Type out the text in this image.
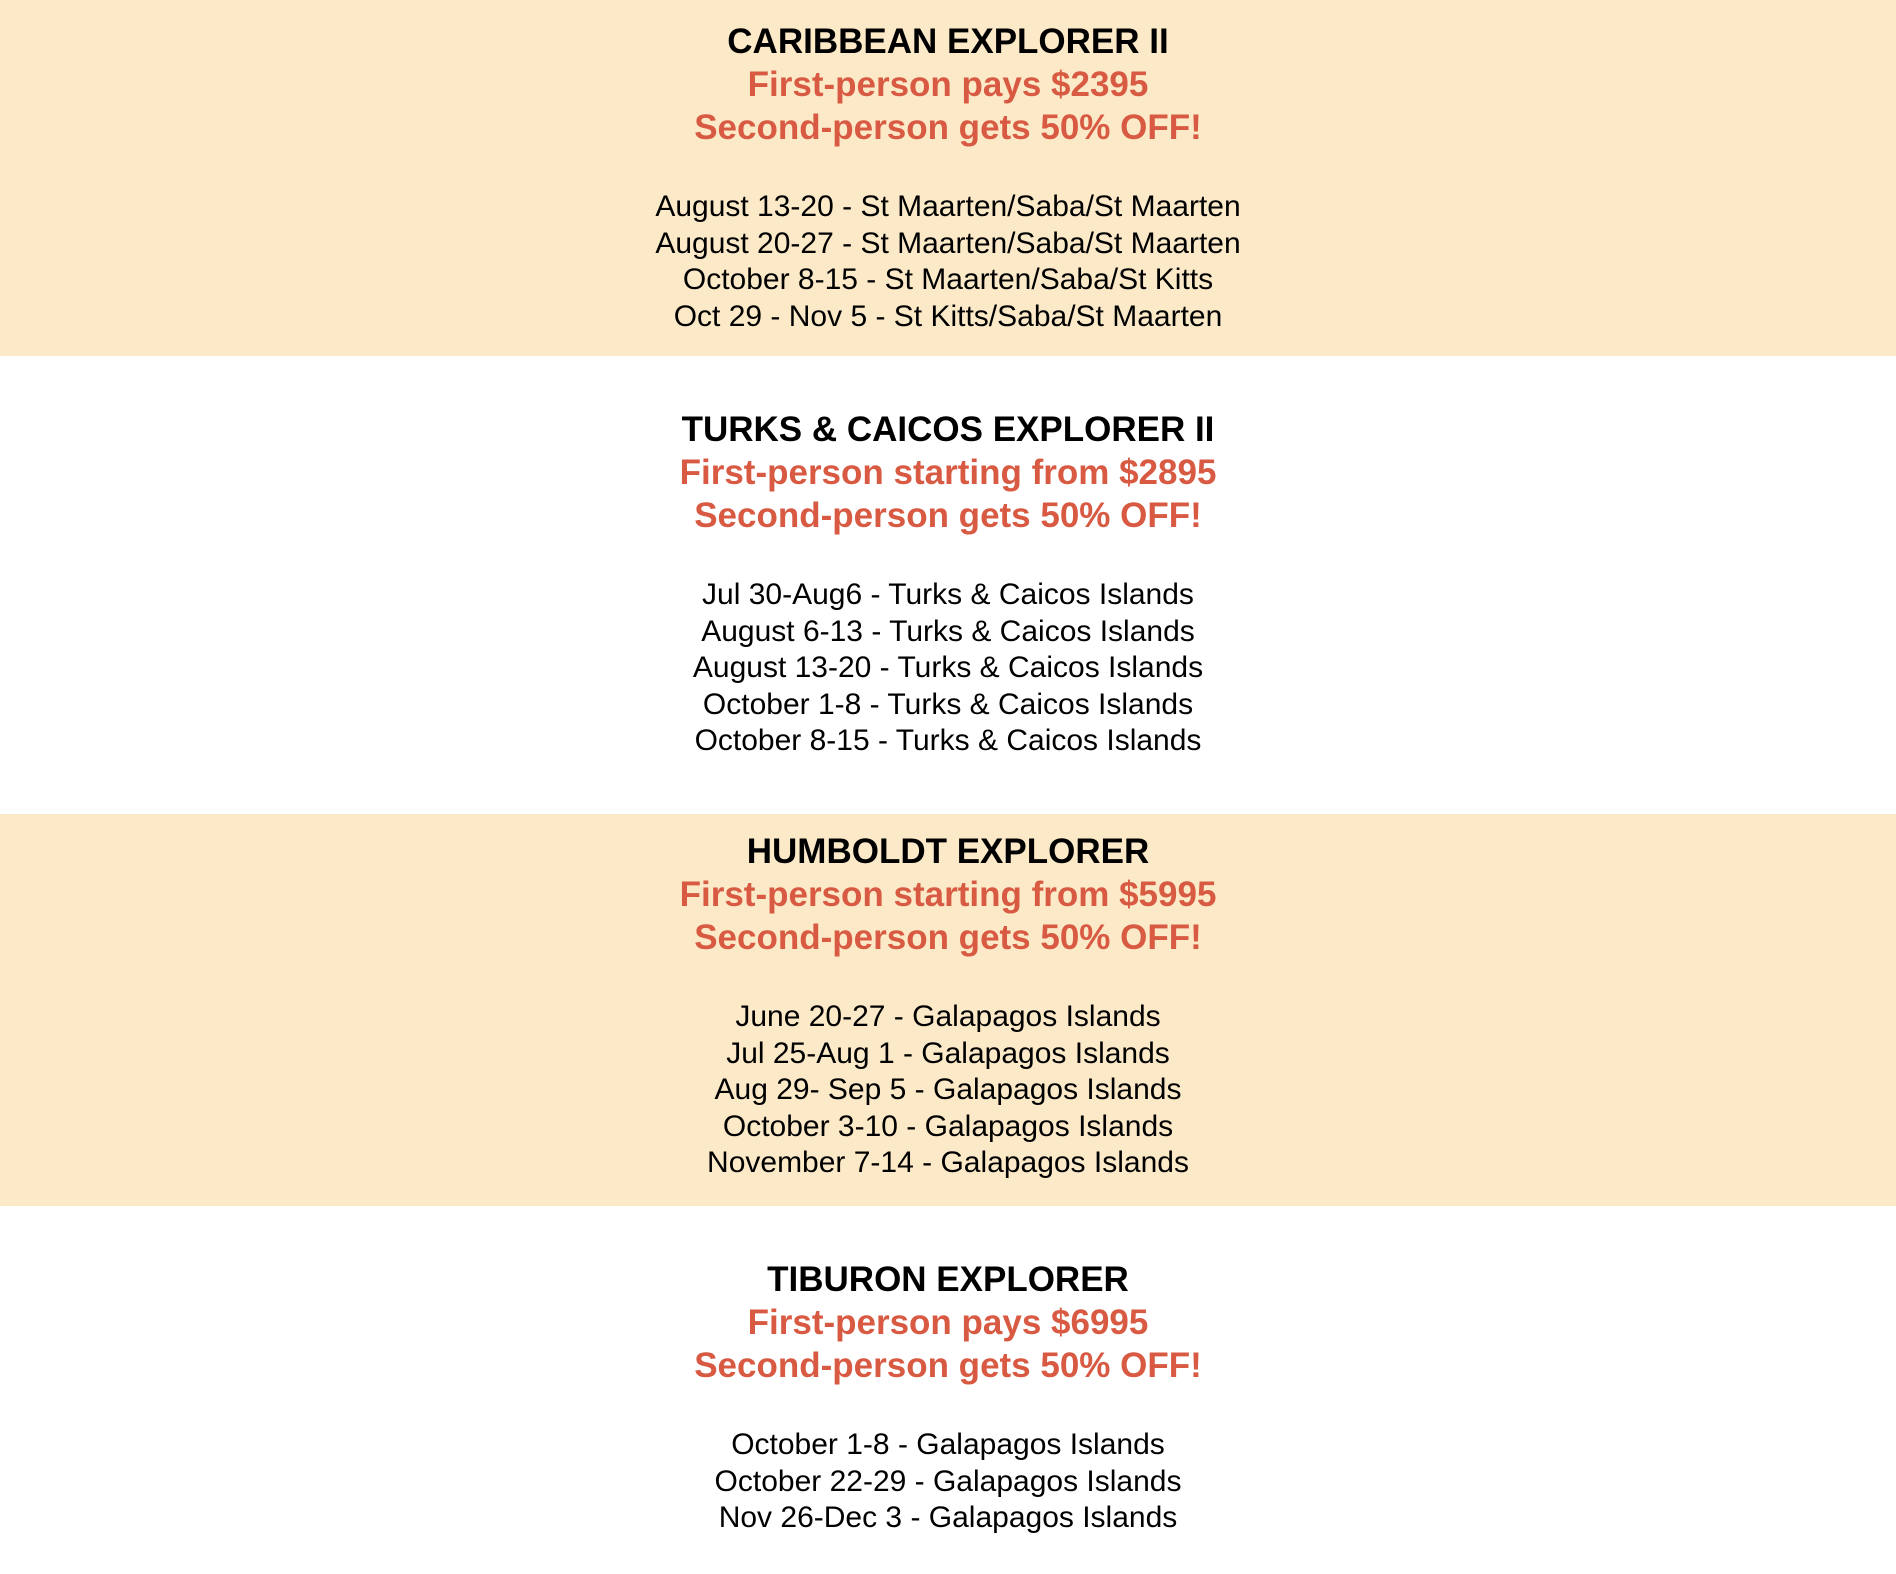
CARIBBEAN EXPLORER II

First-person pays $2395

Second-person gets 50% OFF!

August 13-20 - St Maarten/Saba/St Maarten

August 20-27 - St Maarten/Saba/St Maarten

October 8-15 - St Maarten/Saba/St Kitts

Oct 29 - Nov 5 - St Kitts/Saba/St Maarten

TURKS & CAICOS EXPLORER II

First-person starting from $2895

Second-person gets 50% OFF!

Jul 30-Aug6 - Turks & Caicos Islands

August 6-13 - Turks & Caicos Islands

August 13-20 - Turks & Caicos Islands

October 1-8 - Turks & Caicos Islands

October 8-15 - Turks & Caicos Islands

HUMBOLDT EXPLORER

First-person starting from $5995

Second-person gets 50% OFF!

June 20-27 - Galapagos Islands

Jul 25-Aug 1 - Galapagos Islands

Aug 29- Sep 5 - Galapagos Islands

October 3-10 - Galapagos Islands

November 7-14 - Galapagos Islands

TIBURON EXPLORER

First-person pays $6995

Second-person gets 50% OFF!

October 1-8 - Galapagos Islands

October 22-29 - Galapagos Islands

Nov 26-Dec 3 - Galapagos Islands
